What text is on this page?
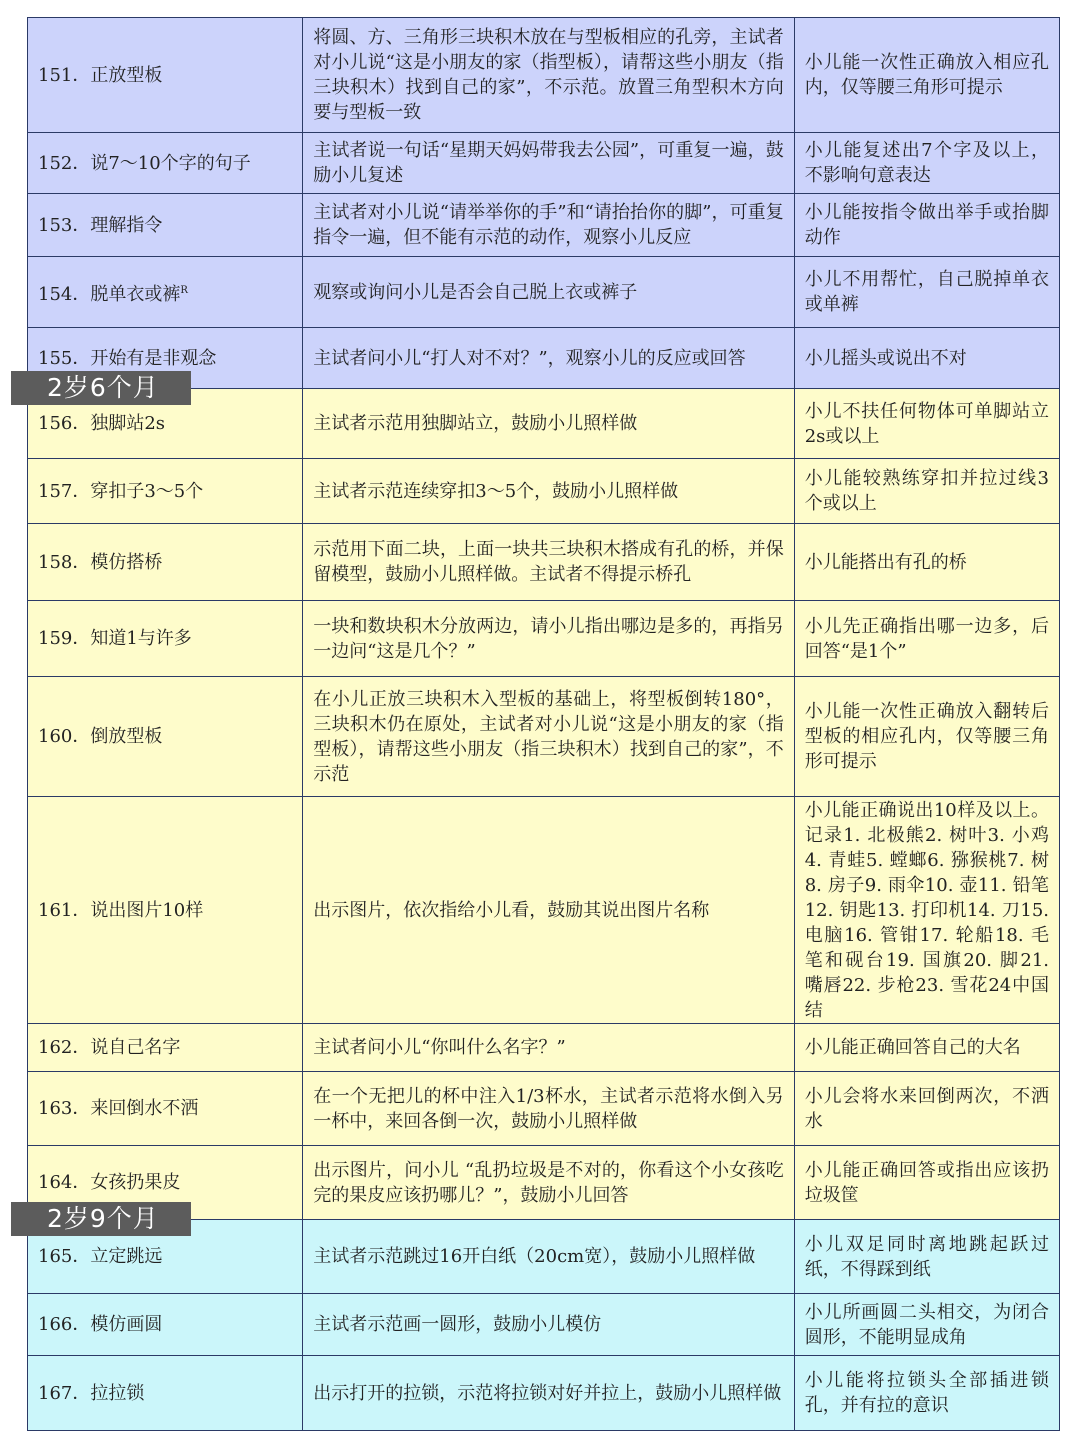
151．正放型板	将圆、方、三角形三块积木放在与型板相应的孔旁，主试者对小儿说“这是小朋友的家（指型板），请帮这些小朋友（指三块积木）找到自己的家”，不示范。放置三角型积木方向要与型板一致	小儿能一次性正确放入相应孔内，仅等腰三角形可提示
152．说7～10个字的句子	主试者说一句话“星期天妈妈带我去公园”，可重复一遍，鼓励小儿复述	小儿能复述出7个字及以上，不影响句意表达
153．理解指令	主试者对小儿说“请举举你的手”和“请抬抬你的脚”，可重复指令一遍，但不能有示范的动作，观察小儿反应	小儿能按指令做出举手或抬脚动作
154．脱单衣或裤$^R$	观察或询问小儿是否会自己脱上衣或裤子	小儿不用帮忙，自己脱掉单衣或单裤
155．开始有是非观念	主试者问小儿“打人对不对？”，观察小儿的反应或回答	小儿摇头或说出不对
156．独脚站2s	主试者示范用独脚站立，鼓励小儿照样做	小儿不扶任何物体可单脚站立2s或以上
157．穿扣子3～5个	主试者示范连续穿扣3～5个，鼓励小儿照样做	小儿能较熟练穿扣并拉过线3个或以上
158．模仿搭桥	示范用下面二块，上面一块共三块积木搭成有孔的桥，并保留模型，鼓励小儿照样做。主试者不得提示桥孔	小儿能搭出有孔的桥
159．知道1与许多	一块和数块积木分放两边，请小儿指出哪边是多的，再指另一边问“这是几个？”	小儿先正确指出哪一边多，后回答“是1个”
160．倒放型板	在小儿正放三块积木入型板的基础上，将型板倒转180°，三块积木仍在原处，主试者对小儿说“这是小朋友的家（指型板），请帮这些小朋友（指三块积木）找到自己的家”，不示范	小儿能一次性正确放入翻转后型板的相应孔内，仅等腰三角形可提示
161．说出图片10样	出示图片，依次指给小儿看，鼓励其说出图片名称	小儿能正确说出10样及以上。记录1. 北极熊2. 树叶3. 小鸡4. 青蛙5. 螳螂6. 猕猴桃7. 树8. 房子9. 雨伞10. 壶11. 铅笔12. 钥匙13. 打印机14. 刀15. 电脑16. 管钳17. 轮船18. 毛笔和砚台19. 国旗20. 脚21. 嘴唇22. 步枪23. 雪花24中国结
162．说自己名字	主试者问小儿“你叫什么名字？”	小儿能正确回答自己的大名
163．来回倒水不洒	在一个无把儿的杯中注入1/3杯水，主试者示范将水倒入另一杯中，来回各倒一次，鼓励小儿照样做	小儿会将水来回倒两次，不洒水
164．女孩扔果皮	出示图片，问小儿 “乱扔垃圾是不对的，你看这个小女孩吃完的果皮应该扔哪儿？”，鼓励小儿回答	小儿能正确回答或指出应该扔垃圾筐
165．立定跳远	主试者示范跳过16开白纸（20cm宽），鼓励小儿照样做	小儿双足同时离地跳起跃过纸，不得踩到纸
166．模仿画圆	主试者示范画一圆形，鼓励小儿模仿	小儿所画圆二头相交，为闭合圆形，不能明显成角
167．拉拉锁	出示打开的拉锁，示范将拉锁对好并拉上，鼓励小儿照样做	小儿能将拉锁头全部插进锁孔，并有拉的意识
2岁6个月
2岁9个月
